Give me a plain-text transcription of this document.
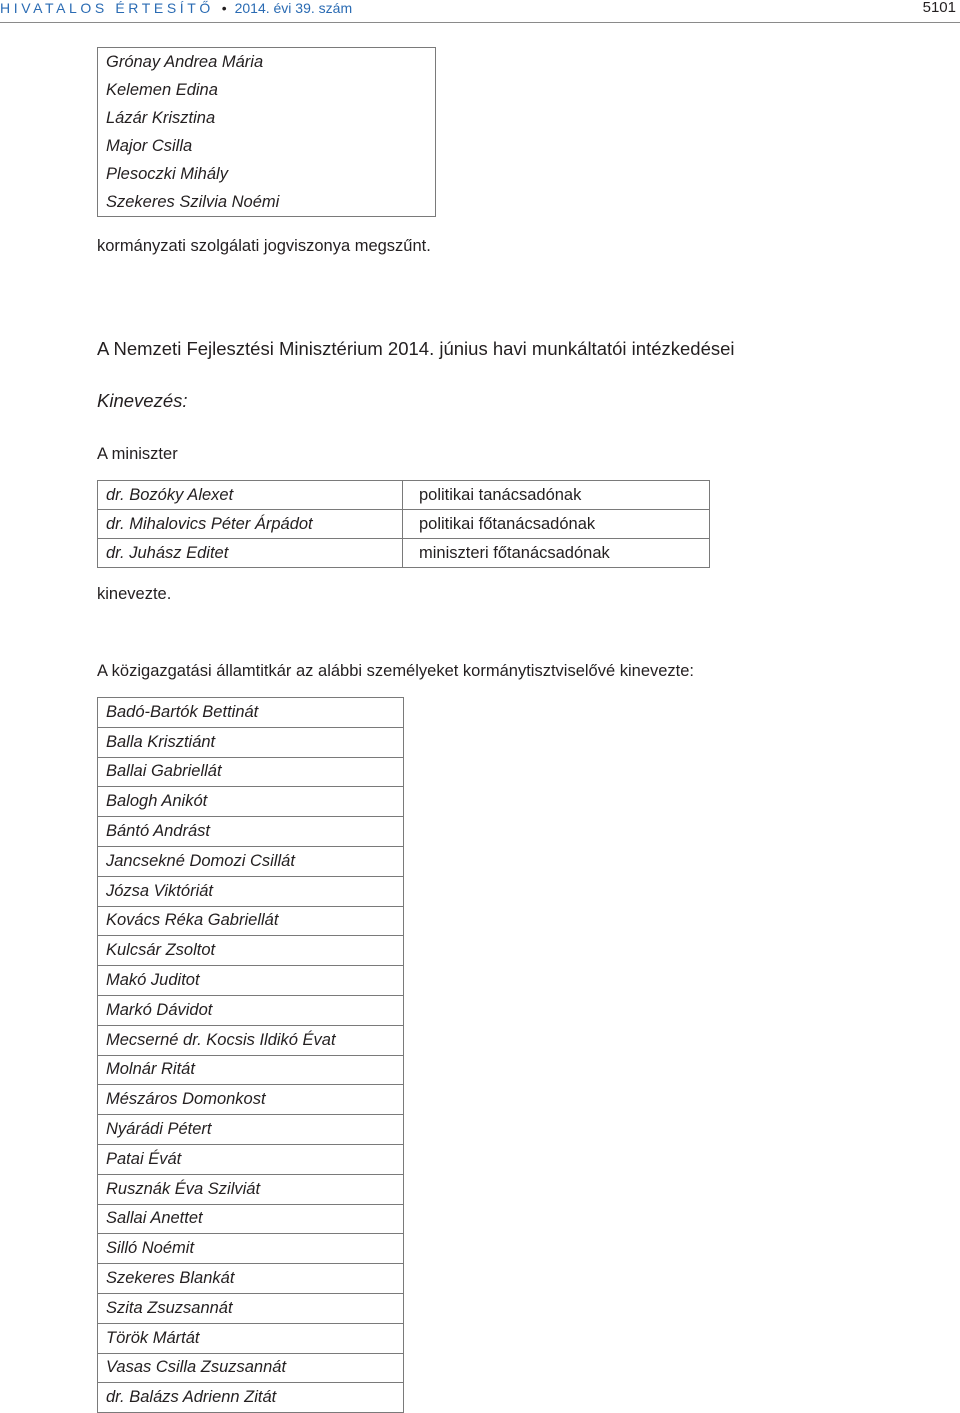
HIVATALOS ÉRTESÍTŐ • 2014. évi 39. szám	5101
Grónay Andrea Mária
Kelemen Edina
Lázár Krisztina
Major Csilla
Plesoczki Mihály
Szekeres Szilvia Noémi
kormányzati szolgálati jogviszonya megszűnt.
A Nemzeti Fejlesztési Minisztérium 2014. június havi munkáltatói intézkedései
Kinevezés:
A miniszter
dr. Bozóky Alexet	politikai tanácsadónak
dr. Mihalovics Péter Árpádot	politikai főtanácsadónak
dr. Juhász Editet	miniszteri főtanácsadónak
kinevezte.
A közigazgatási államtitkár az alábbi személyeket kormánytisztviselővé kinevezte:
Badó-Bartók Bettinát
Balla Krisztiánt
Ballai Gabriellát
Balogh Anikót
Bántó Andrást
Jancsekné Domozi Csillát
Józsa Viktóriát
Kovács Réka Gabriellát
Kulcsár Zsoltot
Makó Juditot
Markó Dávidot
Mecserné dr. Kocsis Ildikó Évat
Molnár Ritát
Mészáros Domonkost
Nyárádi Pétert
Patai Évát
Rusznák Éva Szilviát
Sallai Anettet
Silló Noémit
Szekeres Blankát
Szita Zsuzsannát
Török Mártát
Vasas Csilla Zsuzsannát
dr. Balázs Adrienn Zitát
